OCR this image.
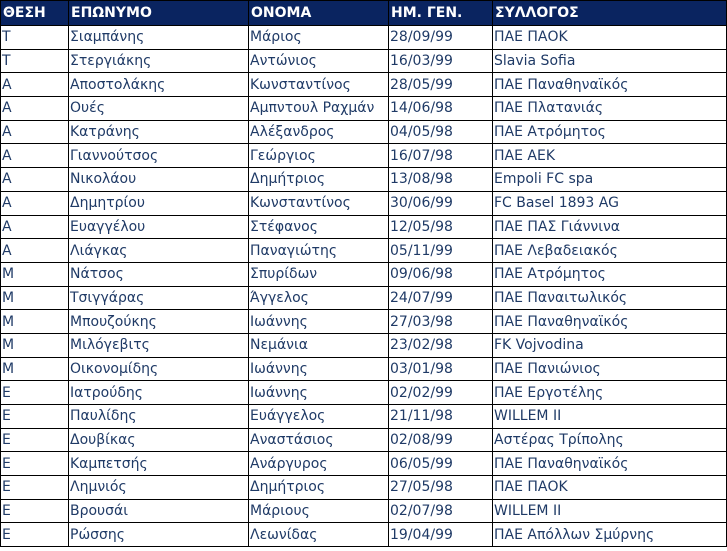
ΘΕΣΗ	ΕΠΩΝΥΜΟ	ΟΝΟΜΑ	ΗΜ. ΓΕΝ.	ΣΥΛΛΟΓΟΣ
Τ	Σιαμπάνης	Μάριος	28/09/99	ΠΑΕ ΠΑΟΚ
Τ	Στεργιάκης	Αντώνιος	16/03/99	Slavia Sofia
Α	Αποστολάκης	Κωνσταντίνος	28/05/99	ΠΑΕ Παναθηναϊκός
Α	Ουές	Αμπντουλ Ραχμάν	14/06/98	ΠΑΕ Πλατανιάς
Α	Κατράνης	Αλέξανδρος	04/05/98	ΠΑΕ Ατρόμητος
Α	Γιαννούτσος	Γεώργιος	16/07/98	ΠΑΕ ΑΕΚ
Α	Νικολάου	Δημήτριος	13/08/98	Empoli FC spa
Α	Δημητρίου	Κωνσταντίνος	30/06/99	FC Basel 1893 AG
Α	Ευαγγέλου	Στέφανος	12/05/98	ΠΑΕ ΠΑΣ Γιάννινα
Α	Λιάγκας	Παναγιώτης	05/11/99	ΠΑΕ Λεβαδειακός
Μ	Νάτσος	Σπυρίδων	09/06/98	ΠΑΕ Ατρόμητος
Μ	Τσιγγάρας	Άγγελος	24/07/99	ΠΑΕ Παναιτωλικός
Μ	Μπουζούκης	Ιωάννης	27/03/98	ΠΑΕ Παναθηναϊκός
Μ	Μιλόγεβιτς	Νεμάνια	23/02/98	FK Vojvodina
Μ	Οικονομίδης	Ιωάννης	03/01/98	ΠΑΕ Πανιώνιος
Ε	Ιατρούδης	Ιωάννης	02/02/99	ΠΑΕ Εργοτέλης
Ε	Παυλίδης	Ευάγγελος	21/11/98	WILLEM II
Ε	Δουβίκας	Αναστάσιος	02/08/99	Αστέρας Τρίπολης
Ε	Καμπετσής	Ανάργυρος	06/05/99	ΠΑΕ Παναθηναϊκός
Ε	Λημνιός	Δημήτριος	27/05/98	ΠΑΕ ΠΑΟΚ
Ε	Βρουσάι	Μάριους	02/07/98	WILLEM II
Ε	Ρώσσης	Λεωνίδας	19/04/99	ΠΑΕ Απόλλων Σμύρνης
